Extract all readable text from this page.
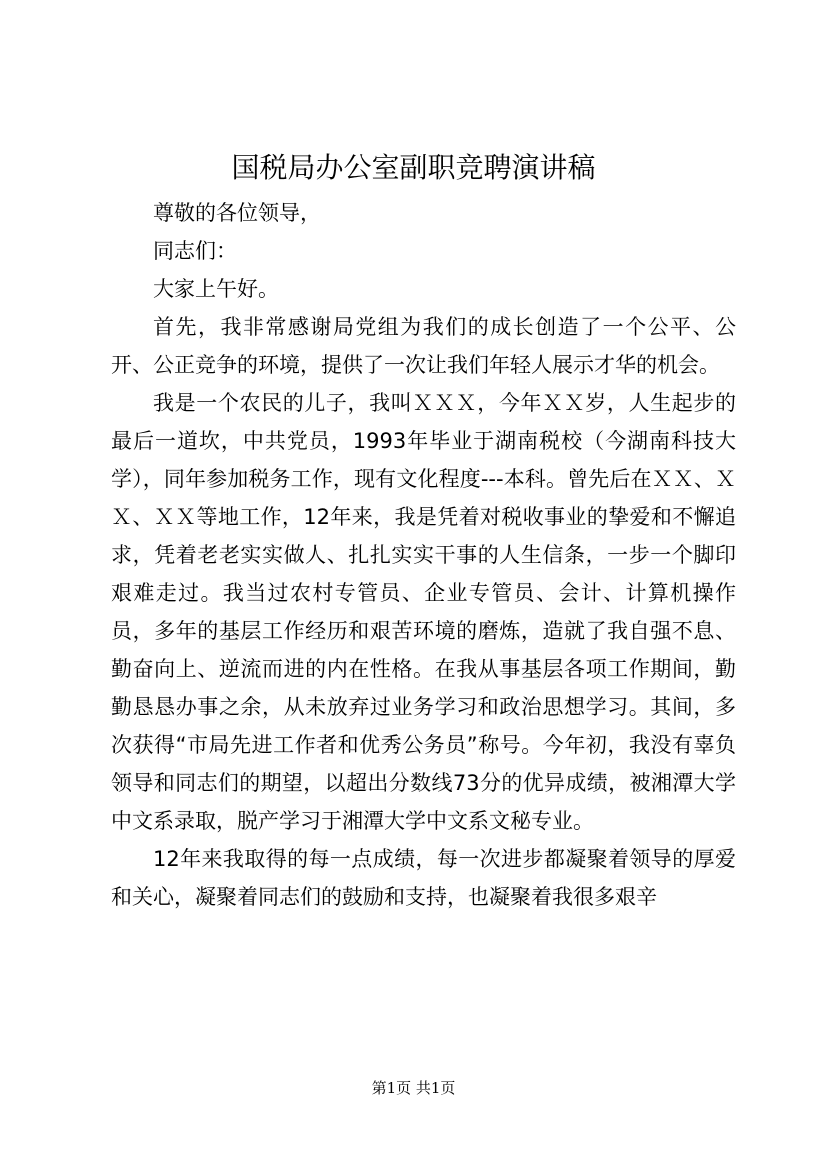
国税局办公室副职竞聘演讲稿

尊敬的各位领导，

同志们：

大家上午好。

首先，我非常感谢局党组为我们的成长创造了一个公平、公开、公正竞争的环境，提供了一次让我们年轻人展示才华的机会。

我是一个农民的儿子，我叫ＸＸＸ，今年ＸＸ岁，人生起步的最后一道坎，中共党员，1993年毕业于湖南税校（今湖南科技大学），同年参加税务工作，现有文化程度---本科。曾先后在ＸＸ、ＸＸ、ＸＸ等地工作，12年来，我是凭着对税收事业的挚爱和不懈追求，凭着老老实实做人、扎扎实实干事的人生信条，一步一个脚印艰难走过。我当过农村专管员、企业专管员、会计、计算机操作员，多年的基层工作经历和艰苦环境的磨炼，造就了我自强不息、勤奋向上、逆流而进的内在性格。在我从事基层各项工作期间，勤勤恳恳办事之余，从未放弃过业务学习和政治思想学习。其间，多次获得“市局先进工作者和优秀公务员”称号。今年初，我没有辜负领导和同志们的期望，以超出分数线73分的优异成绩，被湘潭大学中文系录取，脱产学习于湘潭大学中文系文秘专业。

12年来我取得的每一点成绩，每一次进步都凝聚着领导的厚爱和关心，凝聚着同志们的鼓励和支持，也凝聚着我很多艰辛

第1页 共1页
